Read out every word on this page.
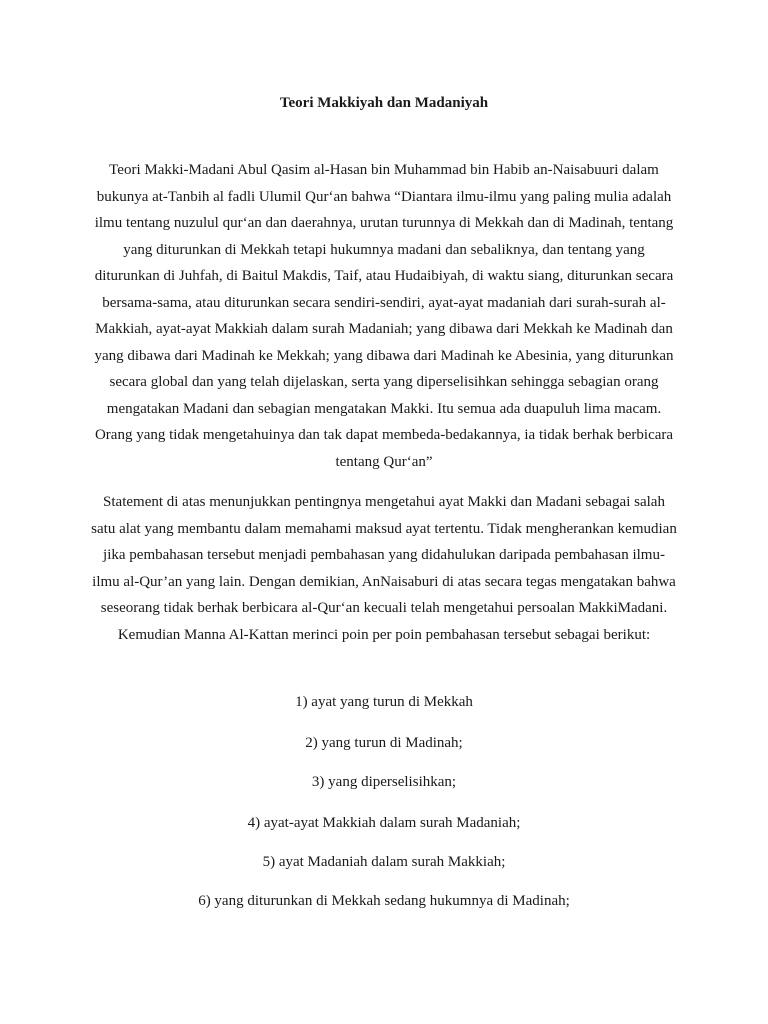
Teori Makkiyah dan Madaniyah
Teori Makki-Madani Abul Qasim al-Hasan bin Muhammad bin Habib an-Naisabuuri dalam bukunya at-Tanbih al fadli Ulumil Qur‘an bahwa “Diantara ilmu-ilmu yang paling mulia adalah ilmu tentang nuzulul qur‘an dan daerahnya, urutan turunnya di Mekkah dan di Madinah, tentang yang diturunkan di Mekkah tetapi hukumnya madani dan sebaliknya, dan tentang yang diturunkan di Juhfah, di Baitul Makdis, Taif, atau Hudaibiyah, di waktu siang, diturunkan secara bersama-sama, atau diturunkan secara sendiri-sendiri, ayat-ayat madaniah dari surah-surah al-Makkiah, ayat-ayat Makkiah dalam surah Madaniah; yang dibawa dari Mekkah ke Madinah dan yang dibawa dari Madinah ke Mekkah; yang dibawa dari Madinah ke Abesinia, yang diturunkan secara global dan yang telah dijelaskan, serta yang diperselisihkan sehingga sebagian orang mengatakan Madani dan sebagian mengatakan Makki. Itu semua ada duapuluh lima macam. Orang yang tidak mengetahuinya dan tak dapat membeda-bedakannya, ia tidak berhak berbicara tentang Qur‘an”
Statement di atas menunjukkan pentingnya mengetahui ayat Makki dan Madani sebagai salah satu alat yang membantu dalam memahami maksud ayat tertentu. Tidak mengherankan kemudian jika pembahasan tersebut menjadi pembahasan yang didahulukan daripada pembahasan ilmu-ilmu al-Qur’an yang lain. Dengan demikian, AnNaisaburi di atas secara tegas mengatakan bahwa seseorang tidak berhak berbicara al-Qur‘an kecuali telah mengetahui persoalan MakkiMadani. Kemudian Manna Al-Kattan merinci poin per poin pembahasan tersebut sebagai berikut:
1) ayat yang turun di Mekkah
2) yang turun di Madinah;
3) yang diperselisihkan;
4) ayat-ayat Makkiah dalam surah Madaniah;
5) ayat Madaniah dalam surah Makkiah;
6) yang diturunkan di Mekkah sedang hukumnya di Madinah;
